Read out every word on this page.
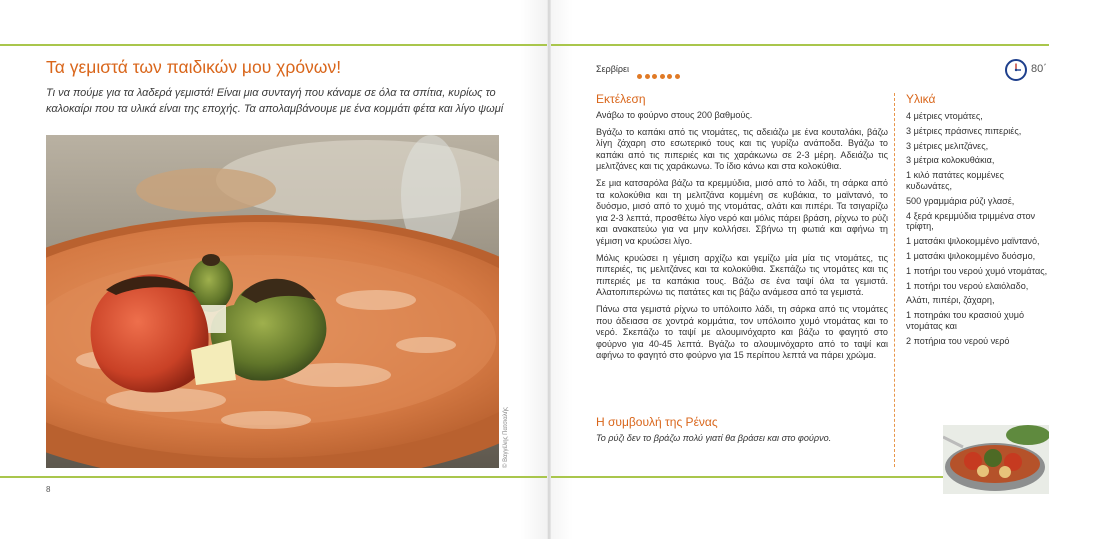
Τα γεμιστά των παιδικών μου χρόνων!
Τι να πούμε για τα λαδερά γεμιστά! Είναι μια συνταγή που κάναμε σε όλα τα σπίτια, κυρίως το καλοκαίρι που τα υλικά είναι της εποχής. Τα απολαμβάνουμε με ένα κομμάτι φέτα και λίγο ψωμί
© Βαγγέλης Πατσιαλής
8
Σερβίρει	80΄
Εκτέλεση

Ανάβω το φούρνο στους 200 βαθμούς.

Βγάζω το καπάκι από τις ντομάτες, τις αδειάζω με ένα κουταλάκι, βάζω λίγη ζάχαρη στο εσωτερικό τους και τις γυρίζω ανάποδα. Βγάζω το καπάκι από τις πιπεριές και τις χαράκωνω σε 2-3 μέρη. Αδειάζω τις μελιτζάνες και τις χαράκωνω. Το ίδιο κάνω και στα κολοκύθια.

Σε μια κατσαρόλα βάζω τα κρεμμύδια, μισό από το λάδι, τη σάρκα από τα κολοκύθια και τη μελιτζάνα κομμένη σε κυβάκια, το μαϊντανό, το δυόσμο, μισό από το χυμό της ντομάτας, αλάτι και πιπέρι. Τα τσιγαρίζω για 2-3 λεπτά, προσθέτω λίγο νερό και μόλις πάρει βράση, ρίχνω το ρύζι και ανακατεύω για να μην κολλήσει. Σβήνω τη φωτιά και αφήνω τη γέμιση να κρυώσει λίγο.

Μόλις κρυώσει η γέμιση αρχίζω και γεμίζω μία μία τις ντομάτες, τις πιπεριές, τις μελιτζάνες και τα κολοκύθια. Σκεπάζω τις ντομάτες και τις πιπεριές με τα καπάκια τους. Βάζω σε ένα ταψί όλα τα γεμιστά. Αλατοπιπερώνω τις πατάτες και τις βάζω ανάμεσα από τα γεμιστά.

Πάνω στα γεμιστά ρίχνω το υπόλοιπο λάδι, τη σάρκα από τις ντομάτες που άδειασα σε χοντρά κομμάτια, τον υπόλοιπο χυμό ντομάτας και το νερό. Σκεπάζω το ταψί με αλουμινόχαρτο και βάζω το φαγητό στο φούρνο για 40-45 λεπτά. Βγάζω το αλουμινόχαρτο από το ταψί και αφήνω το φαγητό στο φούρνο για 15 περίπου λεπτά να πάρει χρώμα.

Η συμβουλή της Ρένας
Το ρύζι δεν το βράζω πολύ γιατί θα βράσει και στο φούρνο.
Υλικά
4 μέτριες ντομάτες,
3 μέτριες πράσινες πιπεριές,
3 μέτριες μελιτζάνες,
3 μέτρια κολοκυθάκια,
1 κιλό πατάτες κομμένες κυδωνάτες,
500 γραμμάρια ρύζι γλασέ,
4 ξερά κρεμμύδια τριμμένα στον τρίφτη,
1 ματσάκι ψιλοκομμένο μαϊντανό,
1 ματσάκι ψιλοκομμένο δυόσμο,
1 ποτήρι του νερού χυμό ντομάτας,
1 ποτήρι του νερού ελαιόλαδο,
Αλάτι, πιπέρι, ζάχαρη,
1 ποτηράκι του κρασιού χυμό ντομάτας και
2 ποτήρια του νερού νερό
